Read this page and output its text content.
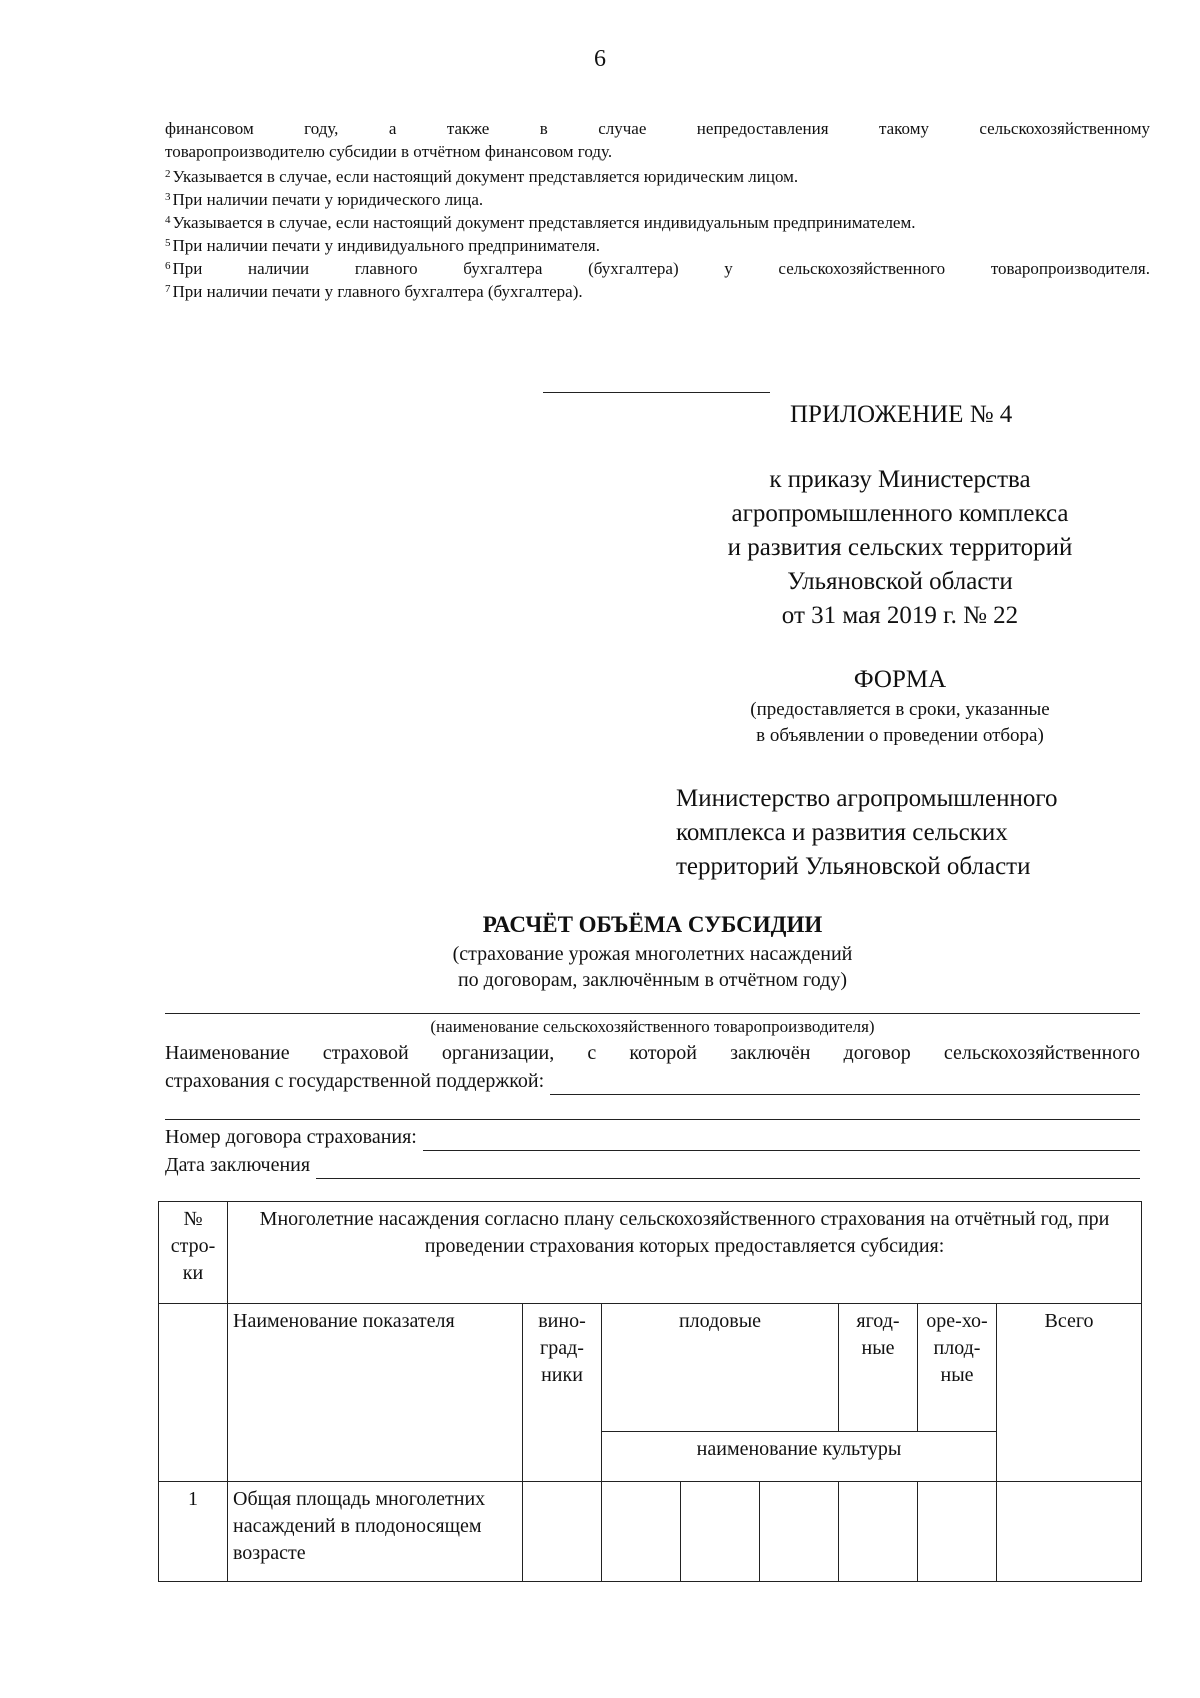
6
финансовом году, а также в случае непредоставления такому сельскохозяйственному
товаропроизводителю субсидии в отчётном финансовом году.
$^2$ Указывается в случае, если настоящий документ представляется юридическим лицом.
$^3$ При наличии печати у юридического лица.
$^4$ Указывается в случае, если настоящий документ представляется индивидуальным предпринимателем.
$^5$ При наличии печати у индивидуального предпринимателя.
$^6$ При наличии главного бухгалтера (бухгалтера) у сельскохозяйственного товаропроизводителя.
$^7$ При наличии печати у главного бухгалтера (бухгалтера).
ПРИЛОЖЕНИЕ № 4
к приказу Министерства
агропромышленного комплекса
и развития сельских территорий
Ульяновской области
от 31 мая 2019 г. № 22
ФОРМА
(предоставляется в сроки, указанные
в объявлении о проведении отбора)
Министерство агропромышленного
комплекса и развития сельских
территорий Ульяновской области
РАСЧЁТ ОБЪЁМА СУБСИДИИ
(страхование урожая многолетних насаждений
по договорам, заключённым в отчётном году)
(наименование сельскохозяйственного товаропроизводителя)
Наименование страховой организации, с которой заключён договор сельскохозяйственного
страхования с государственной поддержкой:
Номер договора страхования:
Дата заключения
№ стро-ки	Многолетние насаждения согласно плану сельскохозяйственного страхования на отчётный год, при проведении страхования которых предоставляется субсидия:							
	Наименование показателя	вино-град-ники	плодовые			ягод-ные	оре-хо-плод-ные	Всего
			наименование культуры					
1	Общая площадь многолетних насаждений в плодоносящем возрасте							
